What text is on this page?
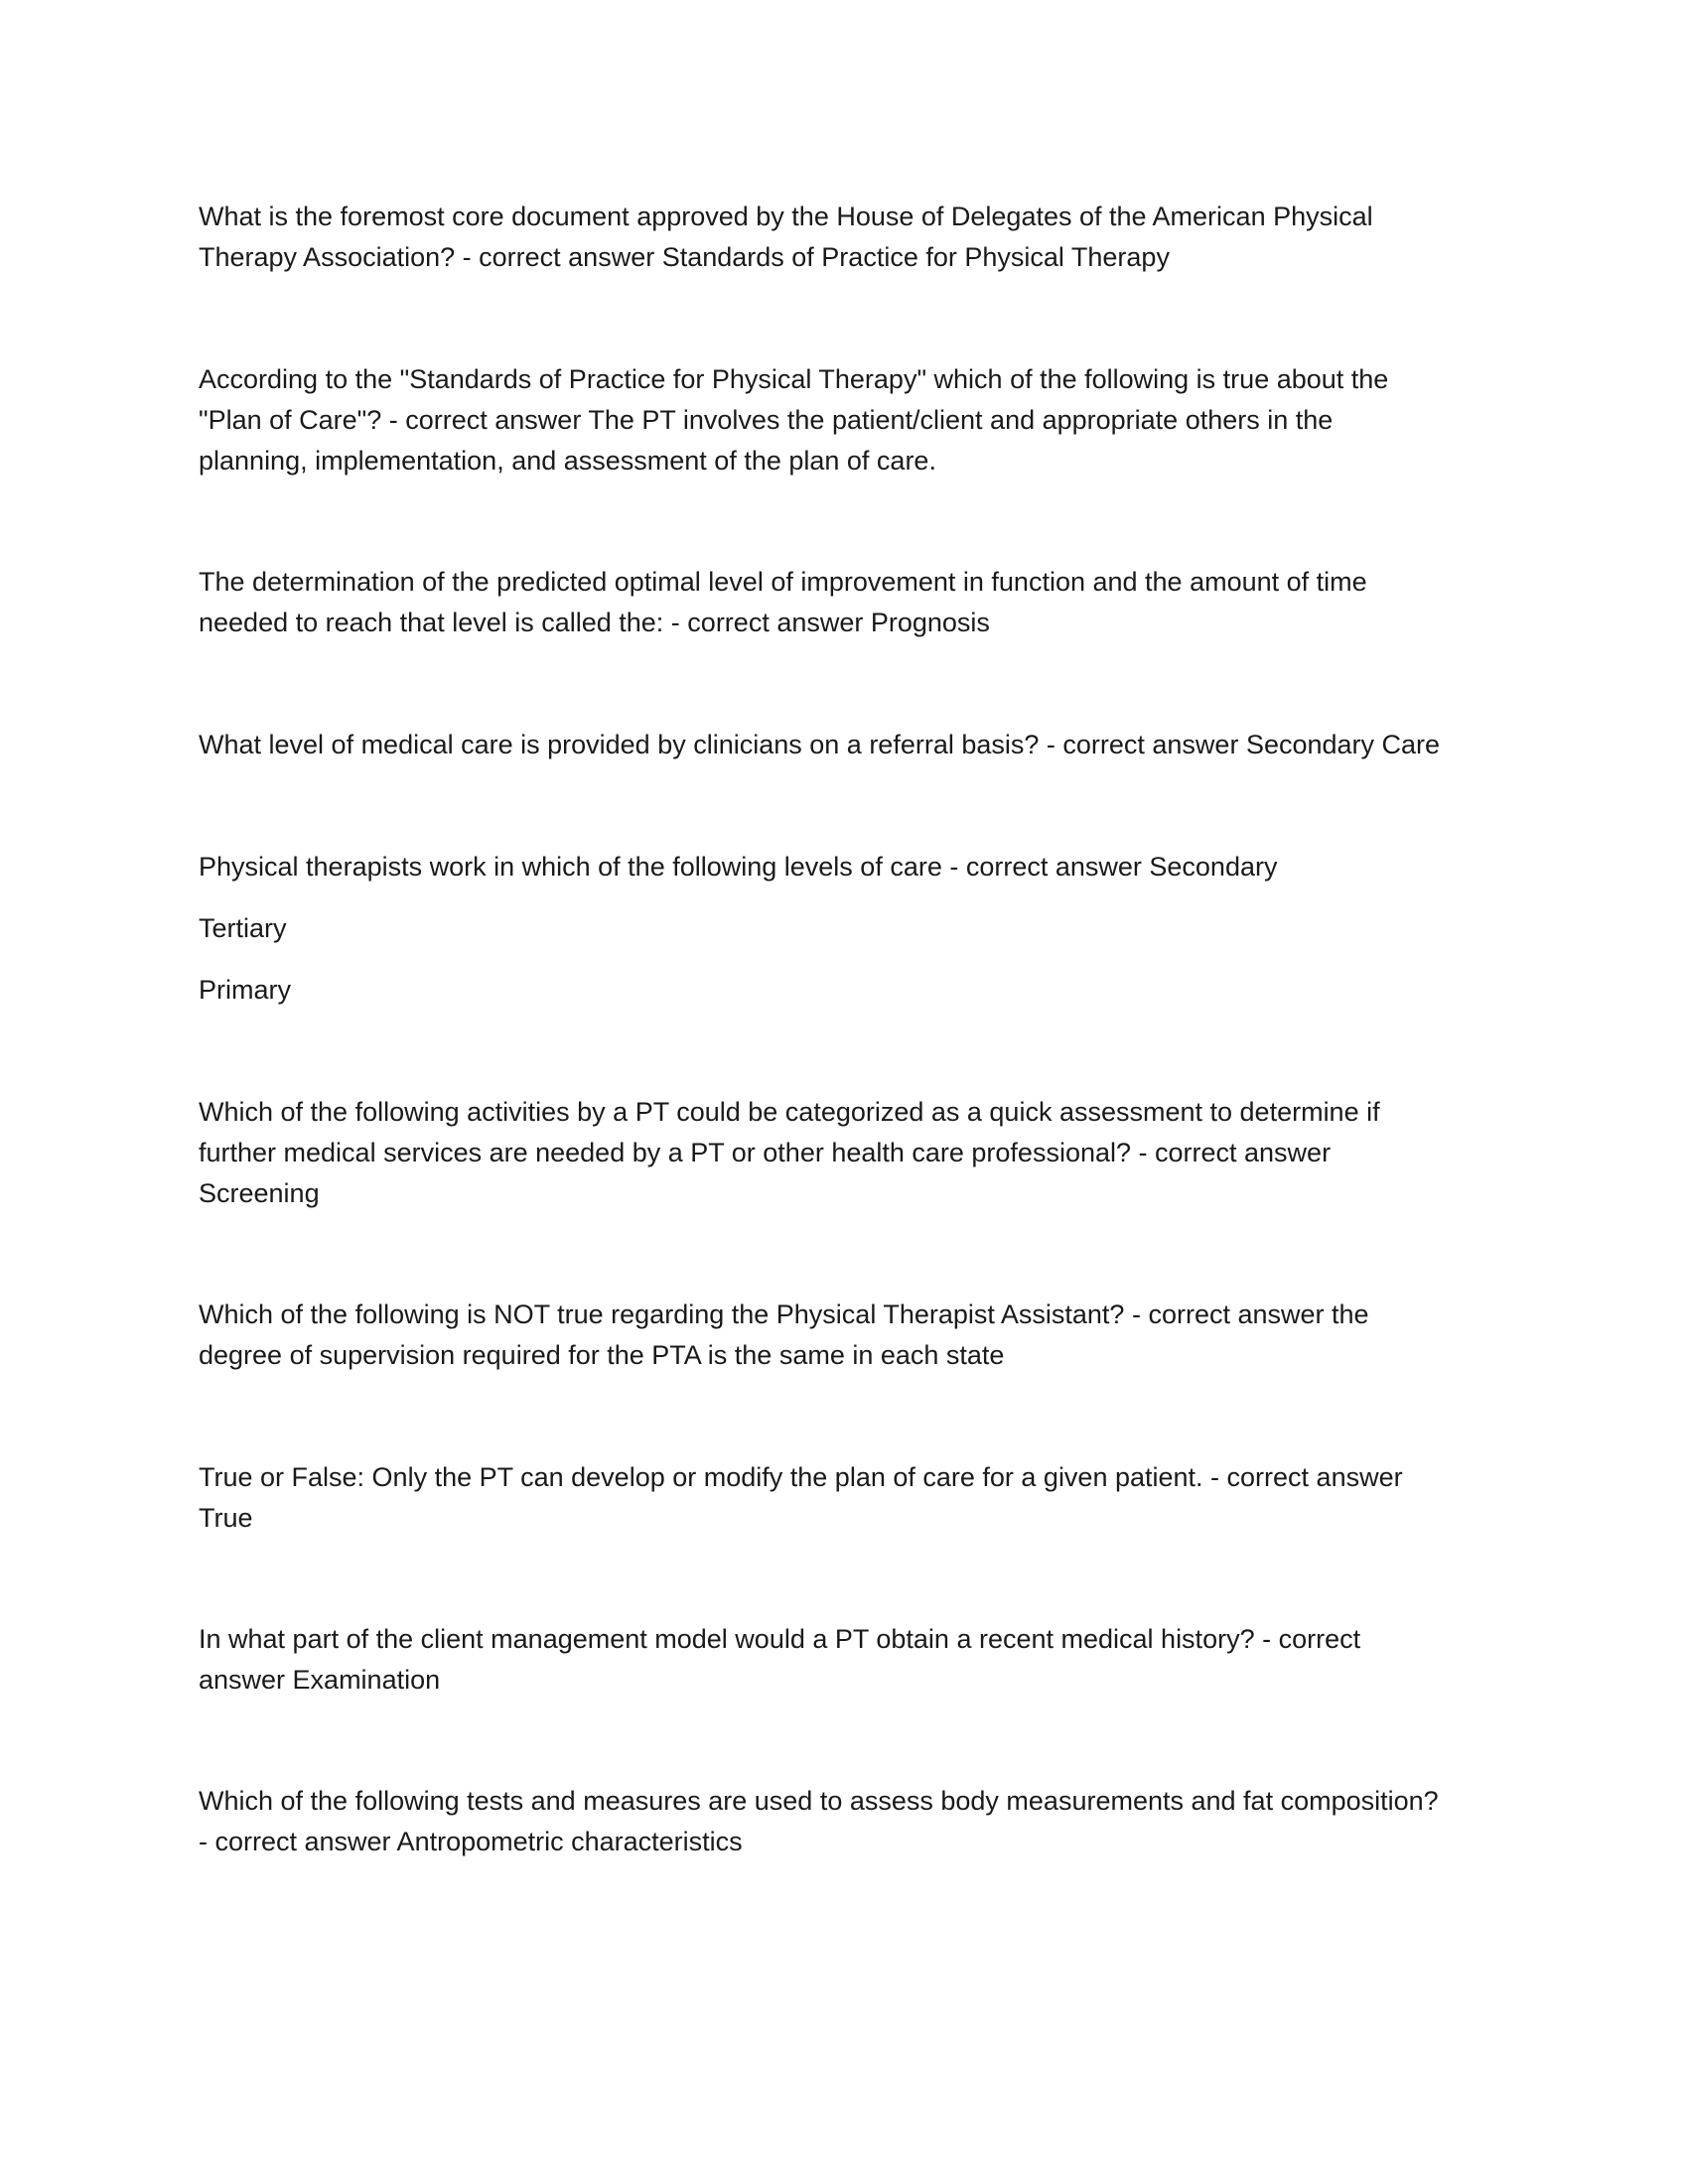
What is the foremost core document approved by the House of Delegates of the American Physical
Therapy Association? - correct answer Standards of Practice for Physical Therapy

According to the "Standards of Practice for Physical Therapy" which of the following is true about the
"Plan of Care"? - correct answer The PT involves the patient/client and appropriate others in the
planning, implementation, and assessment of the plan of care.

The determination of the predicted optimal level of improvement in function and the amount of time
needed to reach that level is called the: - correct answer Prognosis

What level of medical care is provided by clinicians on a referral basis? - correct answer Secondary Care

Physical therapists work in which of the following levels of care - correct answer Secondary

Tertiary

Primary

Which of the following activities by a PT could be categorized as a quick assessment to determine if
further medical services are needed by a PT or other health care professional? - correct answer
Screening

Which of the following is NOT true regarding the Physical Therapist Assistant? - correct answer the
degree of supervision required for the PTA is the same in each state

True or False: Only the PT can develop or modify the plan of care for a given patient. - correct answer
True

In what part of the client management model would a PT obtain a recent medical history? - correct
answer Examination

Which of the following tests and measures are used to assess body measurements and fat composition?
- correct answer Antropometric characteristics
